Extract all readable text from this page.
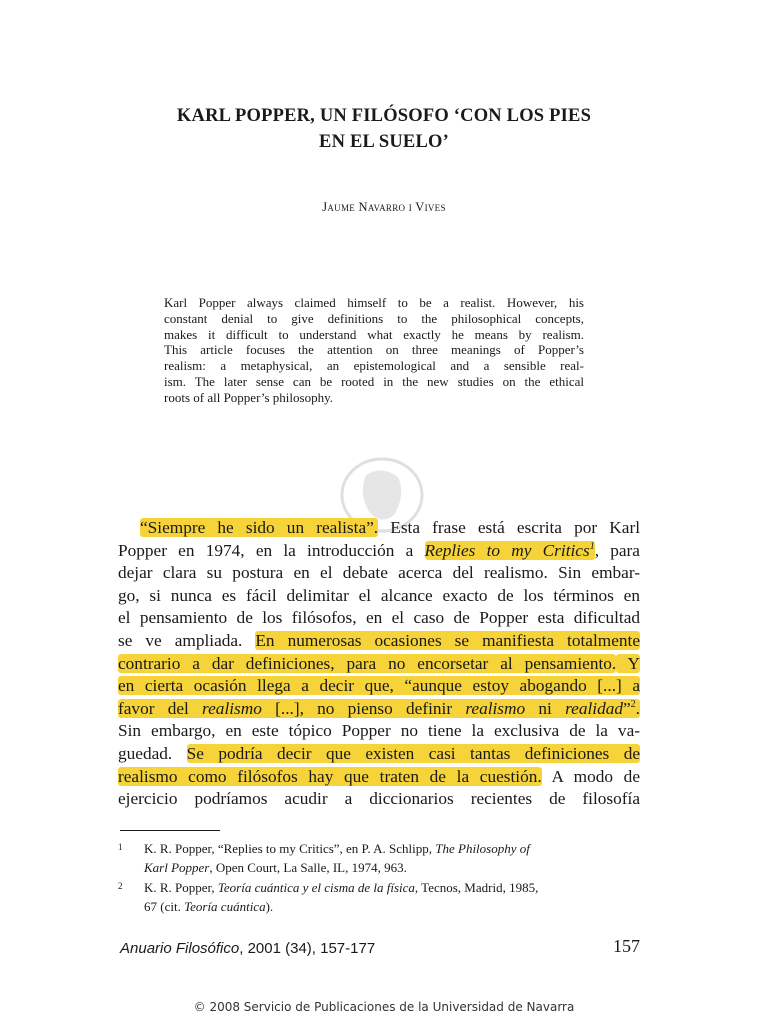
KARL POPPER, UN FILÓSOFO ‘CON LOS PIES
EN EL SUELO’
Jaume Navarro i Vives
Karl Popper always claimed himself to be a realist. However, his
constant denial to give definitions to the philosophical concepts,
makes it difficult to understand what exactly he means by realism.
This article focuses the attention on three meanings of Popper’s
realism: a metaphysical, an epistemological and a sensible real-
ism. The later sense can be rooted in the new studies on the ethical
roots of all Popper’s philosophy.
“Siempre he sido un realista”. Esta frase está escrita por Karl
Popper en 1974, en la introducción a Replies to my Critics$^1$, para
dejar clara su postura en el debate acerca del realismo. Sin embar-
go, si nunca es fácil delimitar el alcance exacto de los términos en
el pensamiento de los filósofos, en el caso de Popper esta dificultad
se ve ampliada. En numerosas ocasiones se manifiesta totalmente
contrario a dar definiciones, para no encorsetar al pensamiento. Y
en cierta ocasión llega a decir que, “aunque estoy abogando [...] a
favor del realismo [...], no pienso definir realismo ni realidad”$^2$.
Sin embargo, en este tópico Popper no tiene la exclusiva de la va-
guedad. Se podría decir que existen casi tantas definiciones de
realismo como filósofos hay que traten de la cuestión. A modo de
ejercicio podríamos acudir a diccionarios recientes de filosofía
1 K. R. Popper, “Replies to my Critics”, en P. A. Schlipp, The Philosophy of
Karl Popper, Open Court, La Salle, IL, 1974, 963.
2 K. R. Popper, Teoría cuántica y el cisma de la física, Tecnos, Madrid, 1985,
67 (cit. Teoría cuántica).
Anuario Filosófico, 2001 (34), 157-177	157
© 2008 Servicio de Publicaciones de la Universidad de Navarra
